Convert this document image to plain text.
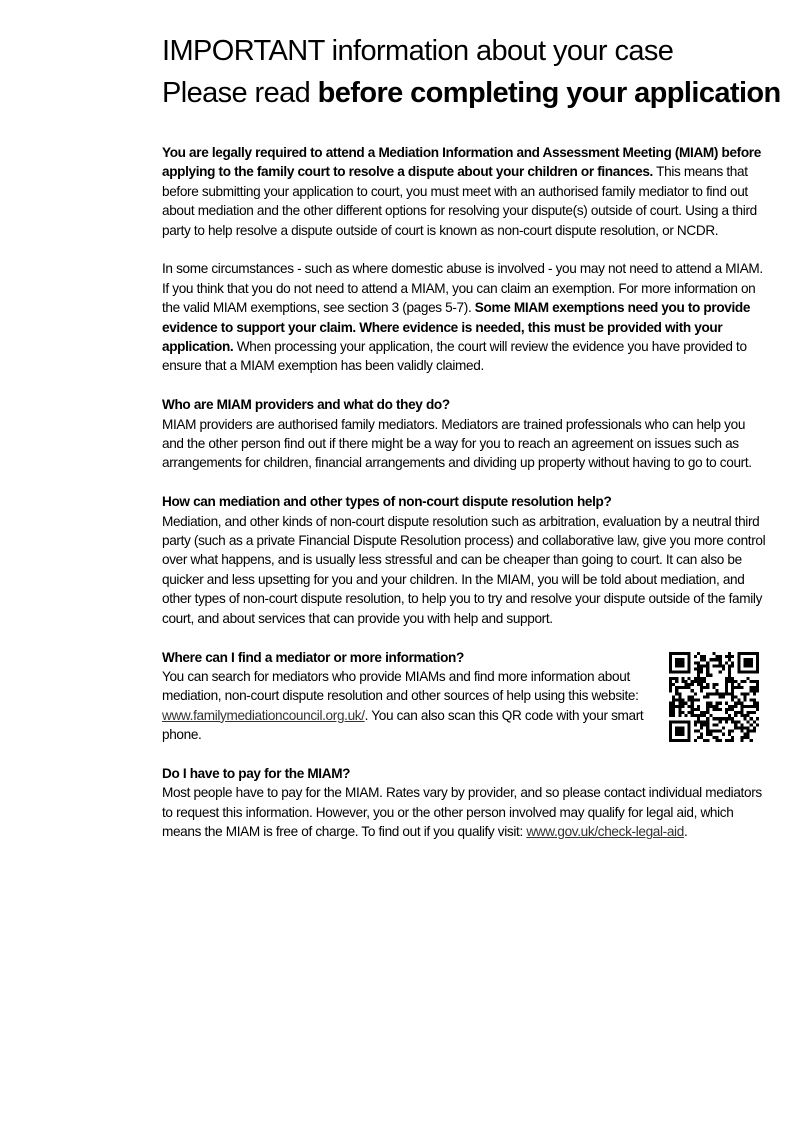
IMPORTANT information about your case
Please read before completing your application

You are legally required to attend a Mediation Information and Assessment Meeting (MIAM) before applying to the family court to resolve a dispute about your children or finances. This means that before submitting your application to court, you must meet with an authorised family mediator to find out about mediation and the other different options for resolving your dispute(s) outside of court. Using a third party to help resolve a dispute outside of court is known as non-court dispute resolution, or NCDR.

In some circumstances - such as where domestic abuse is involved - you may not need to attend a MIAM. If you think that you do not need to attend a MIAM, you can claim an exemption. For more information on the valid MIAM exemptions, see section 3 (pages 5-7). Some MIAM exemptions need you to provide evidence to support your claim. Where evidence is needed, this must be provided with your application. When processing your application, the court will review the evidence you have provided to ensure that a MIAM exemption has been validly claimed.

Who are MIAM providers and what do they do?

MIAM providers are authorised family mediators. Mediators are trained professionals who can help you and the other person find out if there might be a way for you to reach an agreement on issues such as arrangements for children, financial arrangements and dividing up property without having to go to court.

How can mediation and other types of non-court dispute resolution help?

Mediation, and other kinds of non-court dispute resolution such as arbitration, evaluation by a neutral third party (such as a private Financial Dispute Resolution process) and collaborative law, give you more control over what happens, and is usually less stressful and can be cheaper than going to court. It can also be quicker and less upsetting for you and your children. In the MIAM, you will be told about mediation, and other types of non-court dispute resolution, to help you to try and resolve your dispute outside of the family court, and about services that can provide you with help and support.

Where can I find a mediator or more information?

You can search for mediators who provide MIAMs and find more information about mediation, non-court dispute resolution and other sources of help using this website: www.familymediationcouncil.org.uk/. You can also scan this QR code with your smart phone.

Do I have to pay for the MIAM?

Most people have to pay for the MIAM. Rates vary by provider, and so please contact individual mediators to request this information. However, you or the other person involved may qualify for legal aid, which means the MIAM is free of charge. To find out if you qualify visit: www.gov.uk/check-legal-aid.
